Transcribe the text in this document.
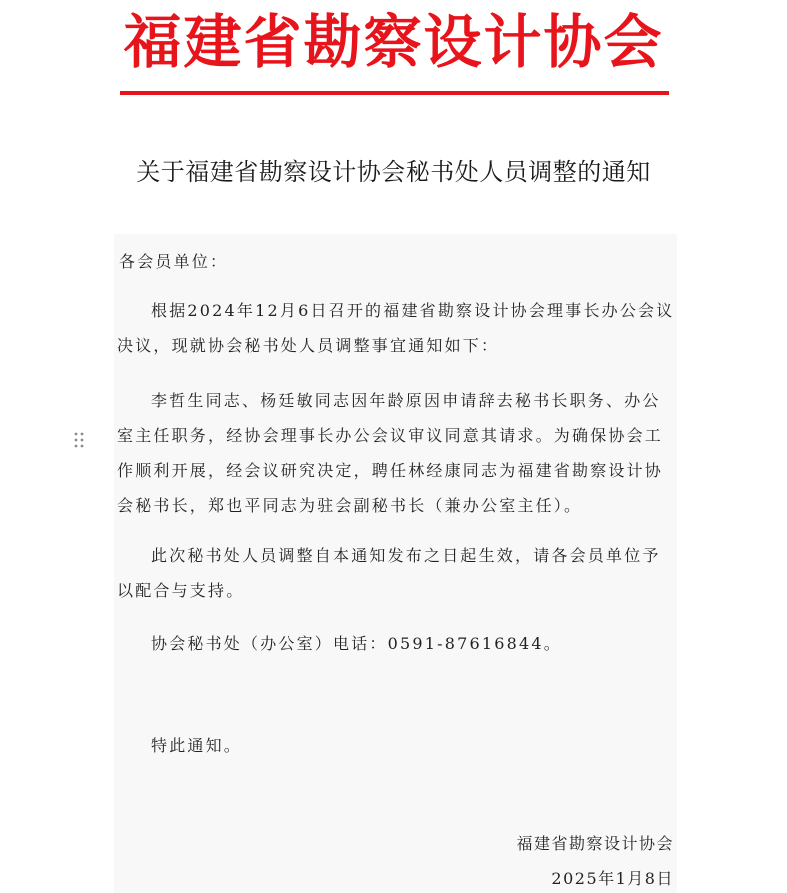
福建省勘察设计协会
关于福建省勘察设计协会秘书处人员调整的通知
各会员单位：
根据2024年12月6日召开的福建省勘察设计协会理事长办公会议决议，现就协会秘书处人员调整事宜通知如下：
李哲生同志、杨廷敏同志因年龄原因申请辞去秘书长职务、办公室主任职务，经协会理事长办公会议审议同意其请求。为确保协会工作顺利开展，经会议研究决定，聘任林经康同志为福建省勘察设计协会秘书长，郑也平同志为驻会副秘书长（兼办公室主任）。
此次秘书处人员调整自本通知发布之日起生效，请各会员单位予以配合与支持。
协会秘书处（办公室）电话：0591-87616844。
特此通知。
福建省勘察设计协会
2025年1月8日
